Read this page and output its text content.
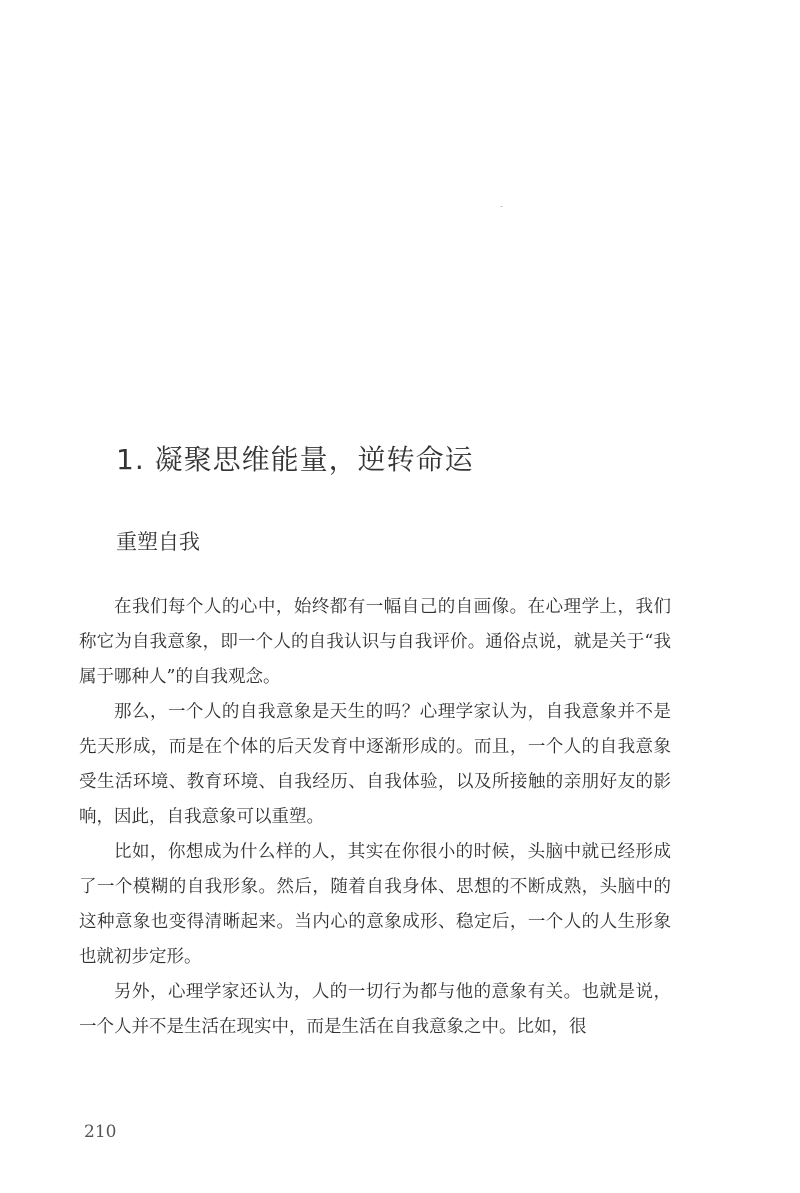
1. 凝聚思维能量，逆转命运
重塑自我

在我们每个人的心中，始终都有一幅自己的自画像。在心理学上，我们称它为自我意象，即一个人的自我认识与自我评价。通俗点说，就是关于“我属于哪种人”的自我观念。

那么，一个人的自我意象是天生的吗？心理学家认为，自我意象并不是先天形成，而是在个体的后天发育中逐渐形成的。而且，一个人的自我意象受生活环境、教育环境、自我经历、自我体验，以及所接触的亲朋好友的影响，因此，自我意象可以重塑。

比如，你想成为什么样的人，其实在你很小的时候，头脑中就已经形成了一个模糊的自我形象。然后，随着自我身体、思想的不断成熟，头脑中的这种意象也变得清晰起来。当内心的意象成形、稳定后，一个人的人生形象也就初步定形。

另外，心理学家还认为，人的一切行为都与他的意象有关。也就是说，一个人并不是生活在现实中，而是生活在自我意象之中。比如，很

210
